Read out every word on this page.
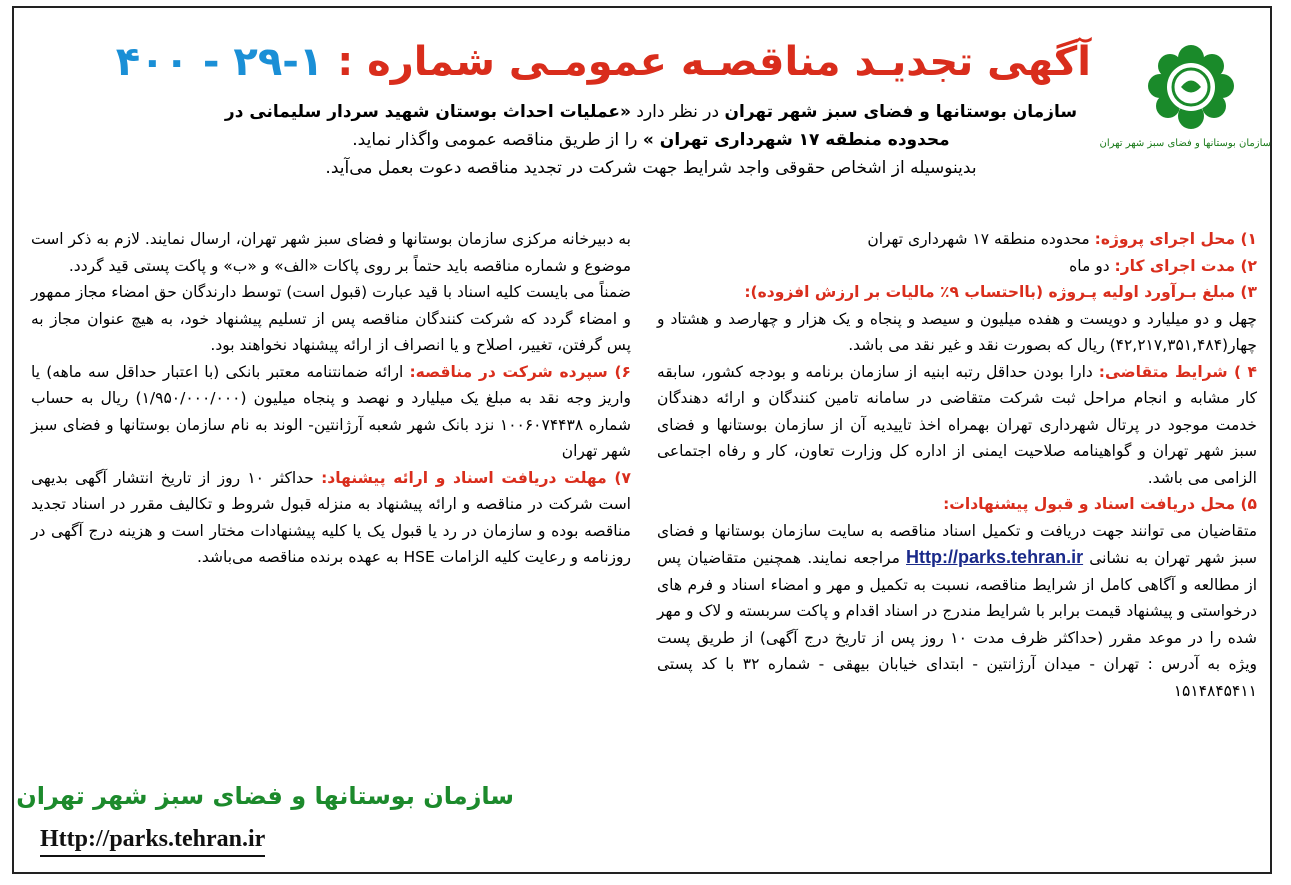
سازمان بوستانها و فضای سبز شهر تهران
آگهی تجدیـد مناقصـه عمومـی شماره : ۱-۲۹ - ۴۰۰
سازمان بوستانها و فضای سبز شهر تهران در نظر دارد «عملیات احداث بوستان شهید سردار سلیمانی در محدوده منطقه ۱۷ شهرداری تهران » را از طریق مناقصه عمومی واگذار نماید.
بدینوسیله از اشخاص حقوقی واجد شرایط جهت شرکت در تجدید مناقصه دعوت بعمل می‌آید.

۱) محل اجرای پروژه: محدوده منطقه ۱۷ شهرداری تهران

۲) مدت اجرای کار: دو ماه

۳) مبلغ بـرآورد اولیه پـروژه (بااحتساب ۹٪ مالیات بر ارزش افزوده):

چهل و دو میلیارد و دویست و هفده میلیون و سیصد و پنجاه و یک هزار و چهارصد و هشتاد و چهار(۴۲,۲۱۷,۳۵۱,۴۸۴) ریال که بصورت نقد و غیر نقد می باشد.

۴ ) شرایط متقاضی: دارا بودن حداقل رتبه ابنیه از سازمان برنامه و بودجه کشور، سابقه کار مشابه و انجام مراحل ثبت شرکت متقاضی در سامانه تامین کنندگان و ارائه دهندگان خدمت موجود در پرتال شهرداری تهران بهمراه اخذ تاییدیه آن از سازمان بوستانها و فضای سبز شهر تهران و گواهینامه صلاحیت ایمنی از اداره کل وزارت تعاون، کار و رفاه اجتماعی الزامی می باشد.

۵) محل دریافت اسناد و قبول پیشنهادات:

متقاضیان می توانند جهت دریافت و تکمیل اسناد مناقصه به سایت سازمان بوستانها و فضای سبز شهر تهران به نشانی Http://parks.tehran.ir مراجعه نمایند. همچنین متقاضیان پس از مطالعه و آگاهی کامل از شرایط مناقصه، نسبت به تکمیل و مهر و امضاء اسناد و فرم های درخواستی و پیشنهاد قیمت برابر با شرایط مندرج در اسناد اقدام و پاکت سربسته و لاک و مهر شده را در موعد مقرر (حداکثر ظرف مدت ۱۰ روز پس از تاریخ درج آگهی) از طریق پست ویژه به آدرس : تهران - میدان آرژانتین - ابتدای خیابان بیهقی - شماره ۳۲ با کد پستی ۱۵۱۴۸۴۵۴۱۱

به دبیرخانه مرکزی سازمان بوستانها و فضای سبز شهر تهران، ارسال نمایند. لازم به ذکر است موضوع و شماره مناقصه باید حتماً بر روی پاکات «الف» و «ب» و پاکت پستی قید گردد.

ضمناً می بایست کلیه اسناد با قید عبارت (قبول است) توسط دارندگان حق امضاء مجاز ممهور و امضاء گردد که شرکت کنندگان مناقصه پس از تسلیم پیشنهاد خود، به هیچ عنوان مجاز به پس گرفتن، تغییر، اصلاح و یا انصراف از ارائه پیشنهاد نخواهند بود.

۶) سپرده شرکت در مناقصه: ارائه ضمانتنامه معتبر بانکی (با اعتبار حداقل سه ماهه) یا واریز وجه نقد به مبلغ یک میلیارد و نهصد و پنجاه میلیون (۱/۹۵۰/۰۰۰/۰۰۰) ریال به حساب شماره ۱۰۰۶۰۷۴۴۳۸ نزد بانک شهر شعبه آرژانتین- الوند به نام سازمان بوستانها و فضای سبز شهر تهران

۷) مهلت دریافت اسناد و ارائه پیشنهاد: حداکثر ۱۰ روز از تاریخ انتشار آگهی بدیهی است شرکت در مناقصه و ارائه پیشنهاد به منزله قبول شروط و تکالیف مقرر در اسناد تجدید مناقصه بوده و سازمان در رد یا قبول یک یا کلیه پیشنهادات مختار است و هزینه درج آگهی در روزنامه و رعایت کلیه الزامات HSE به عهده برنده مناقصه می‌باشد.

سازمان بوستانها و فضای سبز شهر تهران
Http://parks.tehran.ir
